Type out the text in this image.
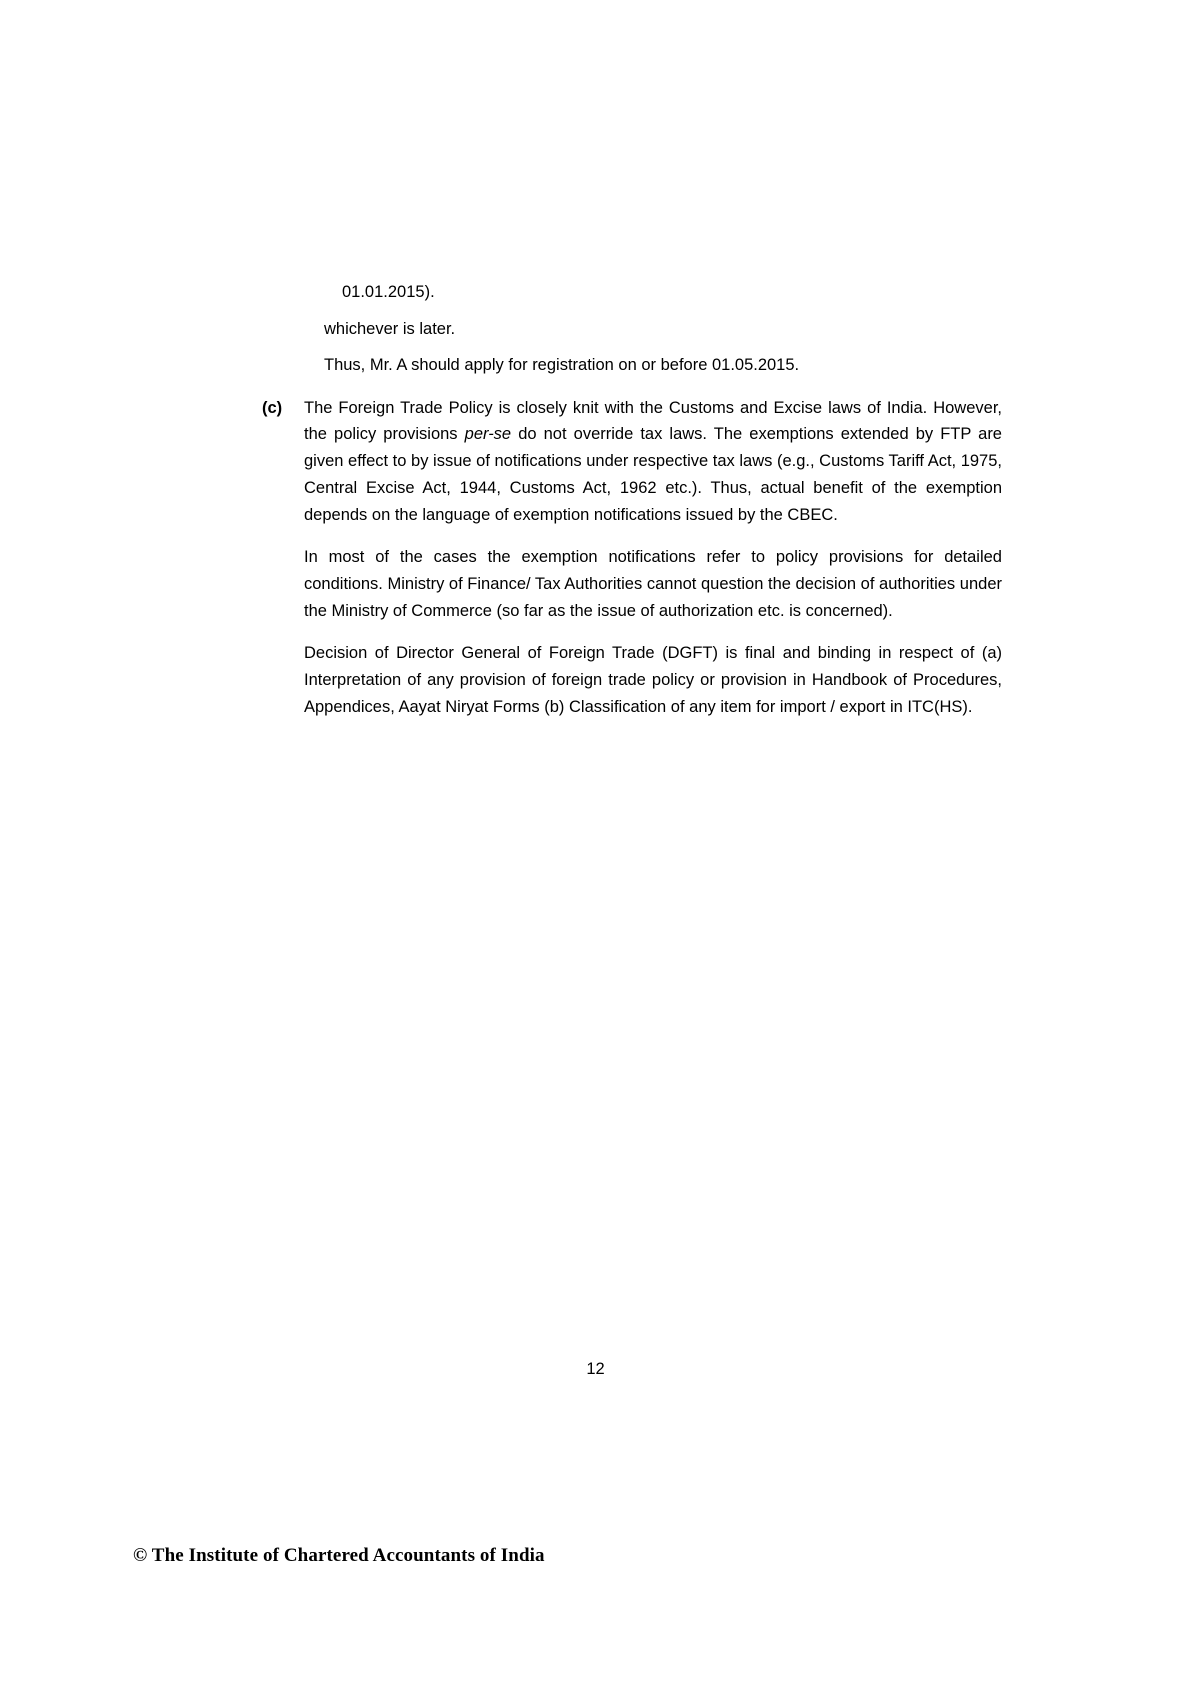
01.01.2015).
whichever is later.
Thus, Mr. A should apply for registration on or before 01.05.2015.
(c)	The Foreign Trade Policy is closely knit with the Customs and Excise laws of India. However, the policy provisions per-se do not override tax laws. The exemptions extended by FTP are given effect to by issue of notifications under respective tax laws (e.g., Customs Tariff Act, 1975, Central Excise Act, 1944, Customs Act, 1962 etc.). Thus, actual benefit of the exemption depends on the language of exemption notifications issued by the CBEC.

In most of the cases the exemption notifications refer to policy provisions for detailed conditions. Ministry of Finance/ Tax Authorities cannot question the decision of authorities under the Ministry of Commerce (so far as the issue of authorization etc. is concerned).

Decision of Director General of Foreign Trade (DGFT) is final and binding in respect of (a) Interpretation of any provision of foreign trade policy or provision in Handbook of Procedures, Appendices, Aayat Niryat Forms (b) Classification of any item for import / export in ITC(HS).

12
© The Institute of Chartered Accountants of India
